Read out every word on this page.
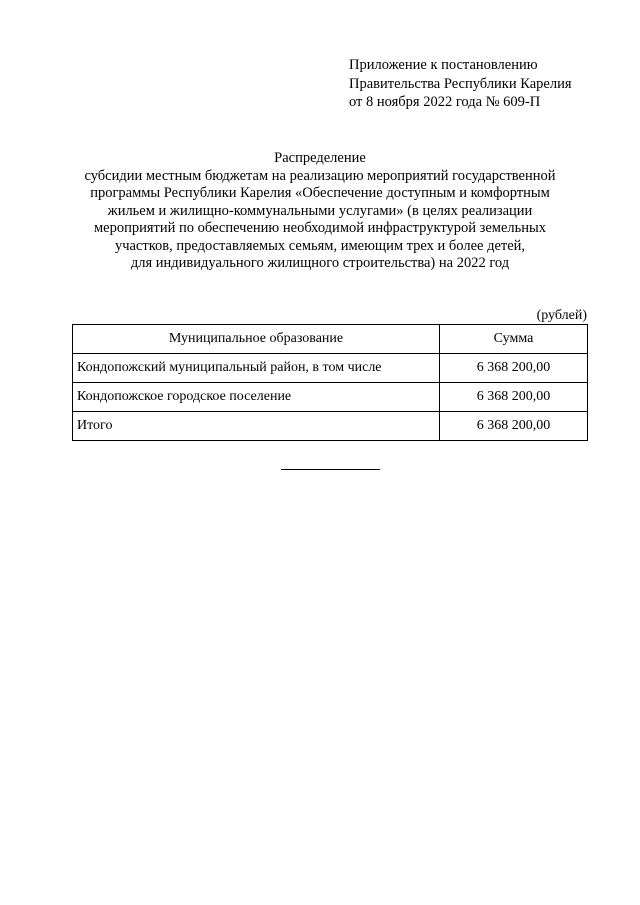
Приложение к постановлению
Правительства Республики Карелия
от 8 ноября 2022 года № 609-П
Распределение
субсидии местным бюджетам на реализацию мероприятий государственной
программы Республики Карелия «Обеспечение доступным и комфортным
жильем и жилищно-коммунальными услугами» (в целях реализации
мероприятий по обеспечению необходимой инфраструктурой земельных
участков, предоставляемых семьям, имеющим трех и более детей,
для индивидуального жилищного строительства) на 2022 год
(рублей)
Муниципальное образование	Сумма
Кондопожский муниципальный район, в том числе	6 368 200,00
Кондопожское городское поселение	6 368 200,00
Итого	6 368 200,00
